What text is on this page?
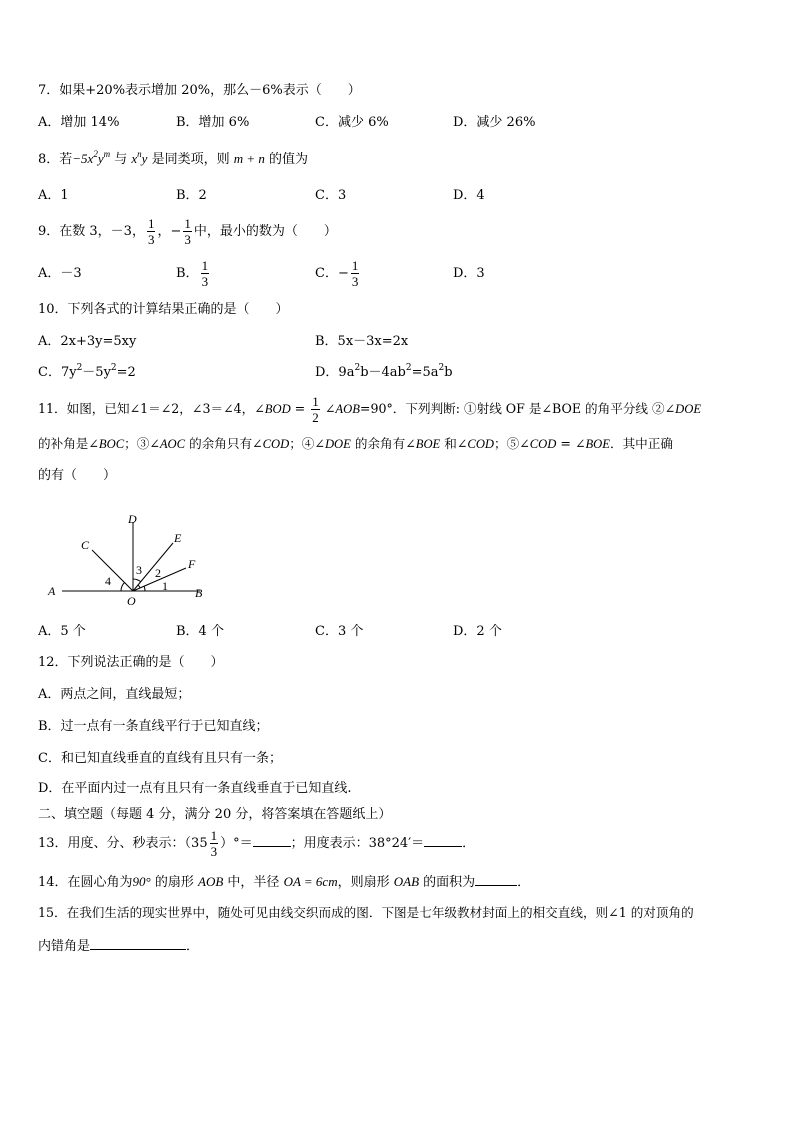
7．如果+20%表示增加 20%，那么－6%表示（　　）
A．增加 14%	B．增加 6%	C．减少 6%	D．减少 26%
8．若$-5x^2y^m$ 与 $x^ny$ 是同类项，则 m + n 的值为
A．1	B．2	C．3	D．4
9．在数 3，－3， $\frac{1}{3}$ ，− $\frac{1}{3}$ 中，最小的数为（　　）
A．－3	B． $\frac{1}{3}$	C．− $\frac{1}{3}$	D．3
10．下列各式的计算结果正确的是（　　）
A．2x+3y=5xy	B．5x－3x=2x
C．$7y^2-5y^2=2$	D．$9a^2b-4ab^2=5a^2b$
11．如图，已知∠1＝∠2，∠3＝∠4，∠BOD = $\frac{1}{2}$ ∠AOB=90°．下列判断: ①射线 OF 是∠BOE 的角平分线 ②∠DOE
的补角是∠BOC；③∠AOC 的余角只有∠COD；④∠DOE 的余角有∠BOE 和∠COD；⑤∠COD = ∠BOE．其中正确
的有（　　）
A	B
C
D
E
F
O
1
2
3
4
A．5 个	B．4 个	C．3 个	D．2 个
12．下列说法正确的是（　　）
A．两点之间，直线最短；
B．过一点有一条直线平行于已知直线；
C．和已知直线垂直的直线有且只有一条；
D．在平面内过一点有且只有一条直线垂直于已知直线.
二、填空题（每题 4 分，满分 20 分，将答案填在答题纸上）
13．用度、分、秒表示：（$35 \frac{1}{3}$ ）°＝	；用度表示：38°24′＝	．
14．在圆心角为90° 的扇形 AOB 中，半径 OA = 6cm，则扇形 OAB 的面积为	．
15．在我们生活的现实世界中，随处可见由线交织而成的图．下图是七年级教材封面上的相交直线，则∠1 的对顶角的
内错角是	．
